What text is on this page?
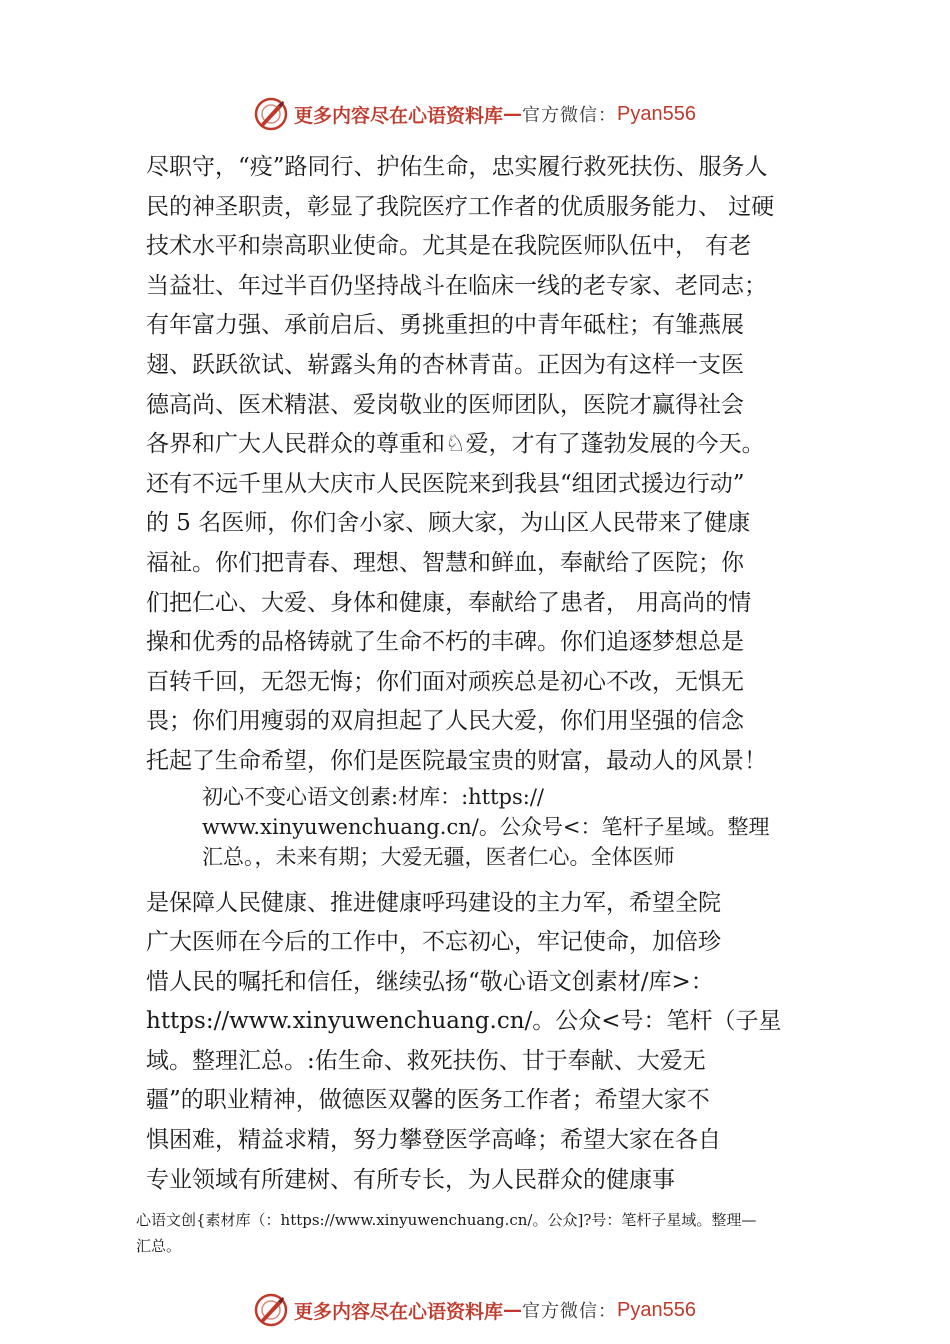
更多内容尽在心语资料库 — 官方微信： Pyan556
尽职守，“疫”路同行、护佑生命，忠实履行救死扶伤、服务人
民的神圣职责，彰显了我院医疗工作者的优质服务能力、 过硬
技术水平和崇高职业使命。尤其是在我院医师队伍中， 有老
当益壮、年过半百仍坚持战斗在临床一线的老专家、老同志；
有年富力强、承前启后、勇挑重担的中青年砥柱；有雏燕展
翅、跃跃欲试、崭露头角的杏林青苗。正因为有这样一支医
德高尚、医术精湛、爱岗敬业的医师团队，医院才赢得社会
各界和广大人民群众的尊重和♘爱，才有了蓬勃发展的今天。
还有不远千里从大庆市人民医院来到我县“组团式援边行动”
的 5 名医师，你们舍小家、顾大家，为山区人民带来了健康
福祉。你们把青春、理想、智慧和鲜血，奉献给了医院；你
们把仁心、大爱、身体和健康，奉献给了患者， 用高尚的情
操和优秀的品格铸就了生命不朽的丰碑。你们追逐梦想总是
百转千回，无怨无悔；你们面对顽疾总是初心不改，无惧无
畏；你们用瘦弱的双肩担起了人民大爱，你们用坚强的信念
托起了生命希望，你们是医院最宝贵的财富，最动人的风景！
初心不变心语文创素:材库：:https://
www.xinyuwenchuang.cn/。公众号<：笔杆子星域。整理
汇总。，未来有期；大爱无疆，医者仁心。全体医师
是保障人民健康、推进健康呼玛建设的主力军，希望全院
广大医师在今后的工作中，不忘初心，牢记使命，加倍珍
惜人民的嘱托和信任，继续弘扬“敬心语文创素材/库>：
https://www.xinyuwenchuang.cn/。公众<号：笔杆（子星
域。整理汇总。:佑生命、救死扶伤、甘于奉献、大爱无
疆”的职业精神，做德医双馨的医务工作者；希望大家不
惧困难，精益求精，努力攀登医学高峰；希望大家在各自
专业领域有所建树、有所专长，为人民群众的健康事
心语文创{素材库（：https://www.xinyuwenchuang.cn/。公众]?号：笔杆子星域。整理—
汇总。
更多内容尽在心语资料库 — 官方微信： Pyan556
